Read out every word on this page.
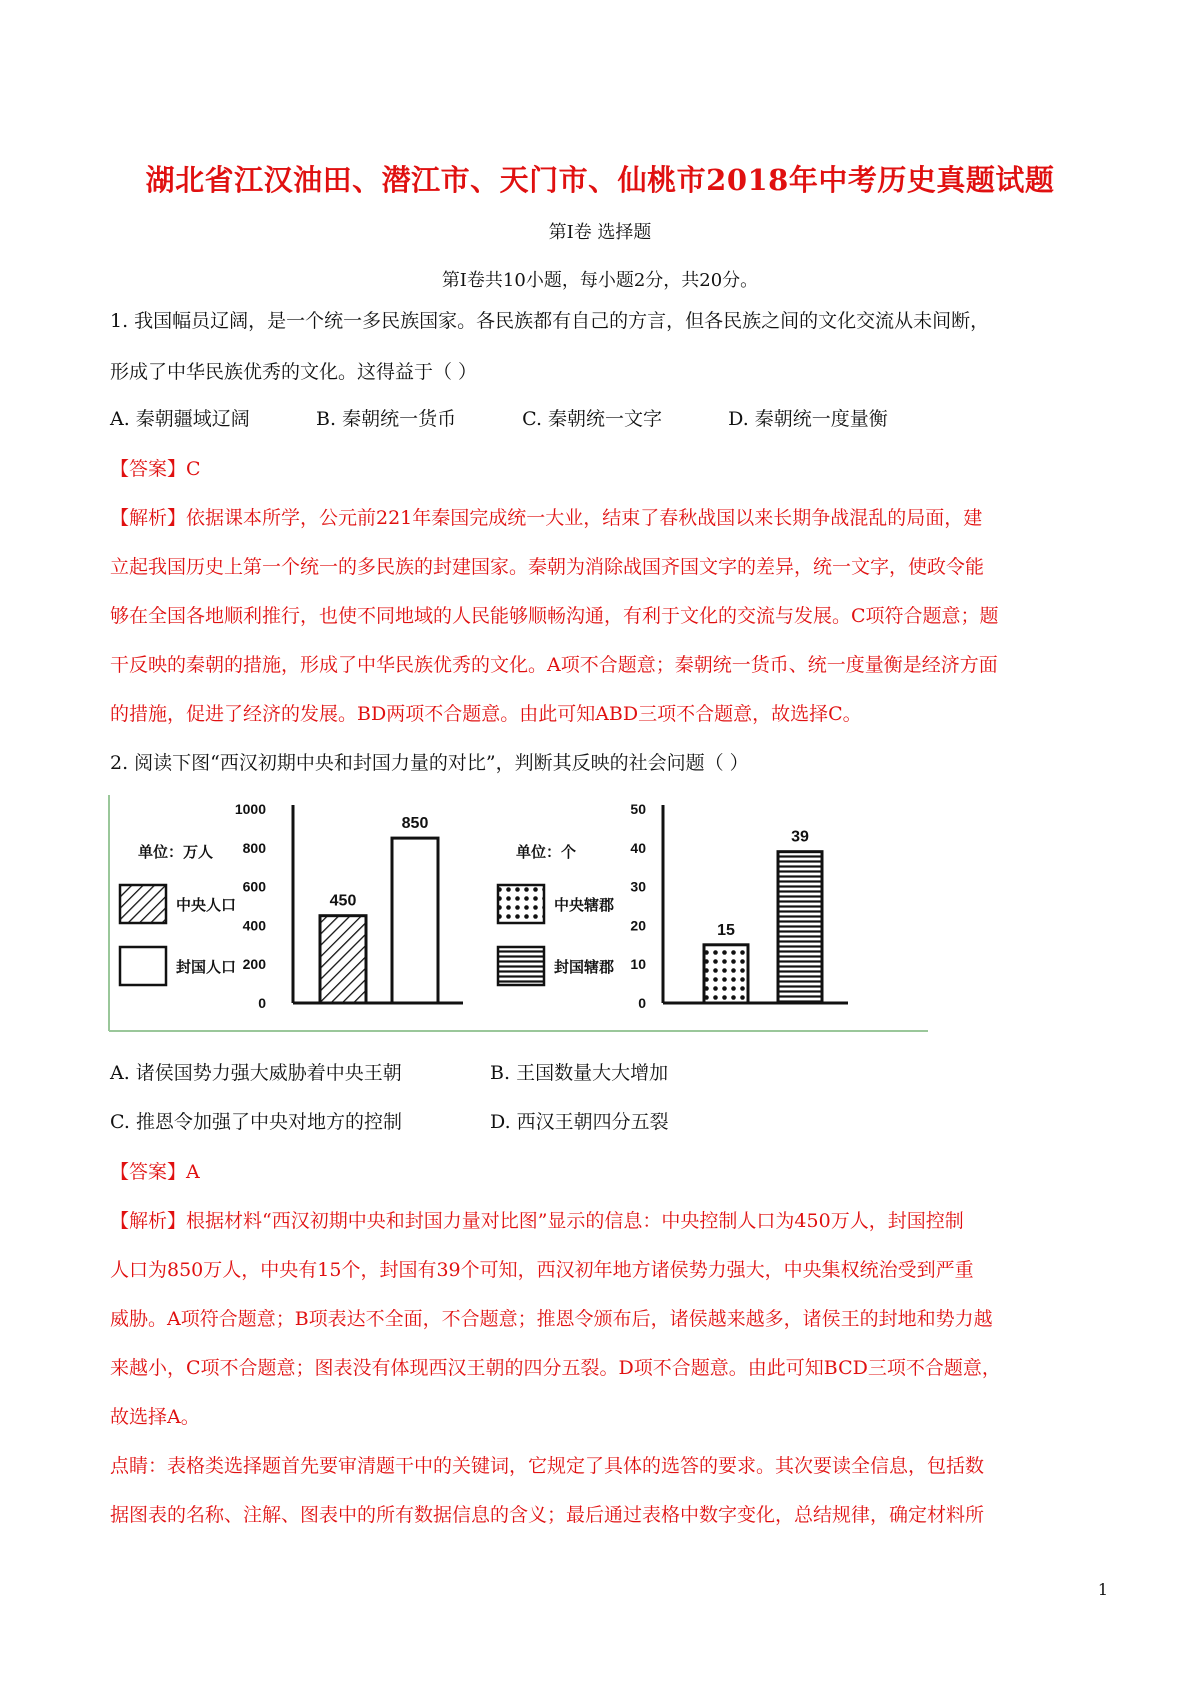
湖北省江汉油田、潜江市、天门市、仙桃市2018年中考历史真题试题
第Ⅰ卷 选择题
第Ⅰ卷共10小题，每小题2分，共20分。
1. 我国幅员辽阔，是一个统一多民族国家。各民族都有自己的方言，但各民族之间的文化交流从未间断，
形成了中华民族优秀的文化。这得益于（ ）
A. 秦朝疆域辽阔	B. 秦朝统一货币	C. 秦朝统一文字	D. 秦朝统一度量衡
【答案】C
【解析】依据课本所学，公元前221年秦国完成统一大业，结束了春秋战国以来长期争战混乱的局面，建
立起我国历史上第一个统一的多民族的封建国家。秦朝为消除战国齐国文字的差异，统一文字，使政令能
够在全国各地顺利推行，也使不同地域的人民能够顺畅沟通，有利于文化的交流与发展。C项符合题意；题
干反映的秦朝的措施，形成了中华民族优秀的文化。A项不合题意；秦朝统一货币、统一度量衡是经济方面
的措施，促进了经济的发展。BD两项不合题意。由此可知ABD三项不合题意，故选择C。
2. 阅读下图“西汉初期中央和封国力量的对比”，判断其反映的社会问题（ ）
0
200
400
600
800
1000
单位：万人
中央人口
封国人口
450
850
0
10
20
30
40
50
单位：个
中央辖郡
封国辖郡
15
39
A. 诸侯国势力强大威胁着中央王朝	B. 王国数量大大增加
C. 推恩令加强了中央对地方的控制	D. 西汉王朝四分五裂
【答案】A
【解析】根据材料“西汉初期中央和封国力量对比图”显示的信息：中央控制人口为450万人，封国控制
人口为850万人，中央有15个，封国有39个可知，西汉初年地方诸侯势力强大，中央集权统治受到严重
威胁。A项符合题意；B项表达不全面，不合题意；推恩令颁布后，诸侯越来越多，诸侯王的封地和势力越
来越小，C项不合题意；图表没有体现西汉王朝的四分五裂。D项不合题意。由此可知BCD三项不合题意，
故选择A。
点睛：表格类选择题首先要审清题干中的关键词，它规定了具体的选答的要求。其次要读全信息，包括数
据图表的名称、注解、图表中的所有数据信息的含义；最后通过表格中数字变化，总结规律，确定材料所
1
